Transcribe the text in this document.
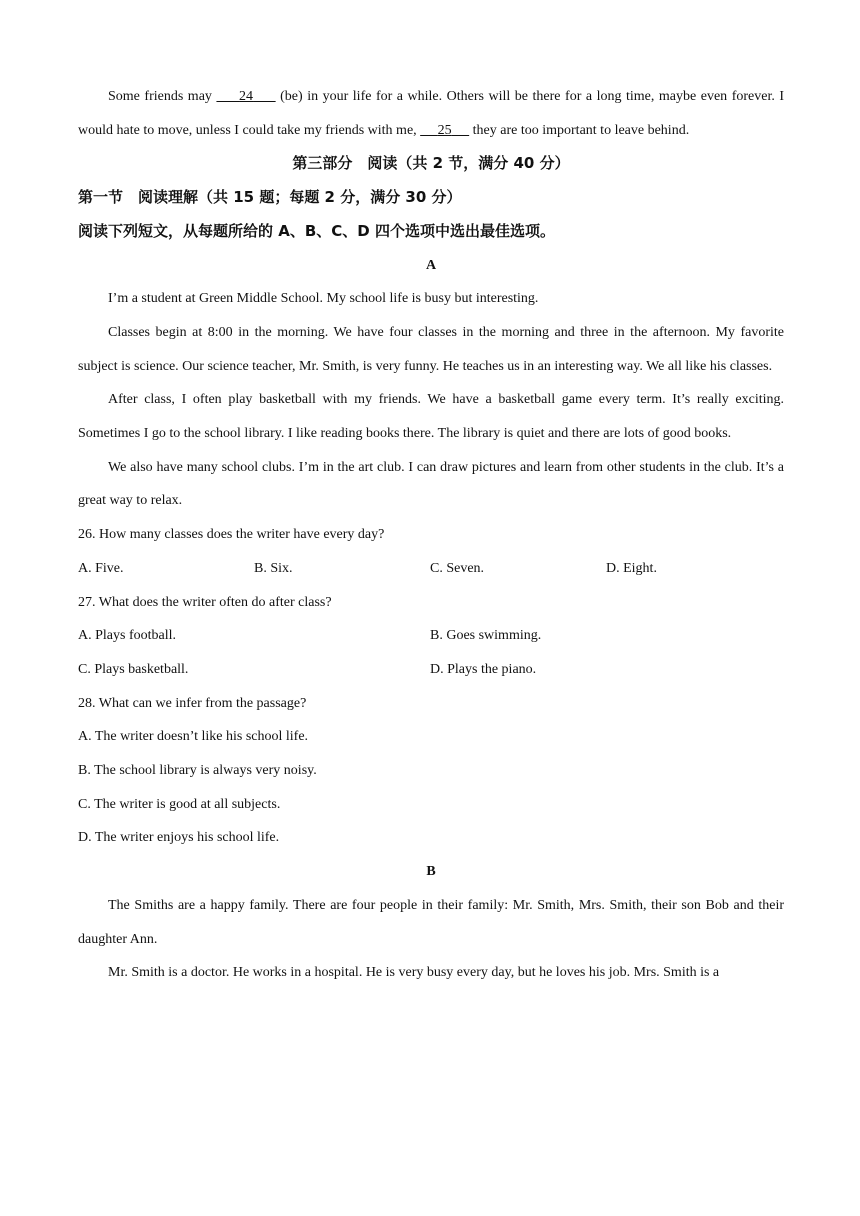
Some friends may      24      (be) in your life for a while. Others will be there for a long time, maybe even forever. I would hate to move, unless I could take my friends with me,      25      they are too important to leave behind.

第三部分　阅读（共 2 节，满分 40 分）

第一节　阅读理解（共 15 题；每题 2 分，满分 30 分）

阅读下列短文，从每题所给的 A、B、C、D 四个选项中选出最佳选项。

A

I’m a student at Green Middle School. My school life is busy but interesting.

Classes begin at 8:00 in the morning. We have four classes in the morning and three in the afternoon. My favorite subject is science. Our science teacher, Mr. Smith, is very funny. He teaches us in an interesting way. We all like his classes.

After class, I often play basketball with my friends. We have a basketball game every term. It’s really exciting. Sometimes I go to the school library. I like reading books there. The library is quiet and there are lots of good books.

We also have many school clubs. I’m in the art club. I can draw pictures and learn from other students in the club. It’s a great way to relax.

26. How many classes does the writer have every day?

A. Five.	B. Six.	C. Seven.	D. Eight.

27. What does the writer often do after class?

A. Plays football.	B. Goes swimming.
C. Plays basketball.	D. Plays the piano.

28. What can we infer from the passage?

A. The writer doesn’t like his school life.

B. The school library is always very noisy.

C. The writer is good at all subjects.

D. The writer enjoys his school life.

B

The Smiths are a happy family. There are four people in their family: Mr. Smith, Mrs. Smith, their son Bob and their daughter Ann.

Mr. Smith is a doctor. He works in a hospital. He is very busy every day, but he loves his job. Mrs. Smith is a
